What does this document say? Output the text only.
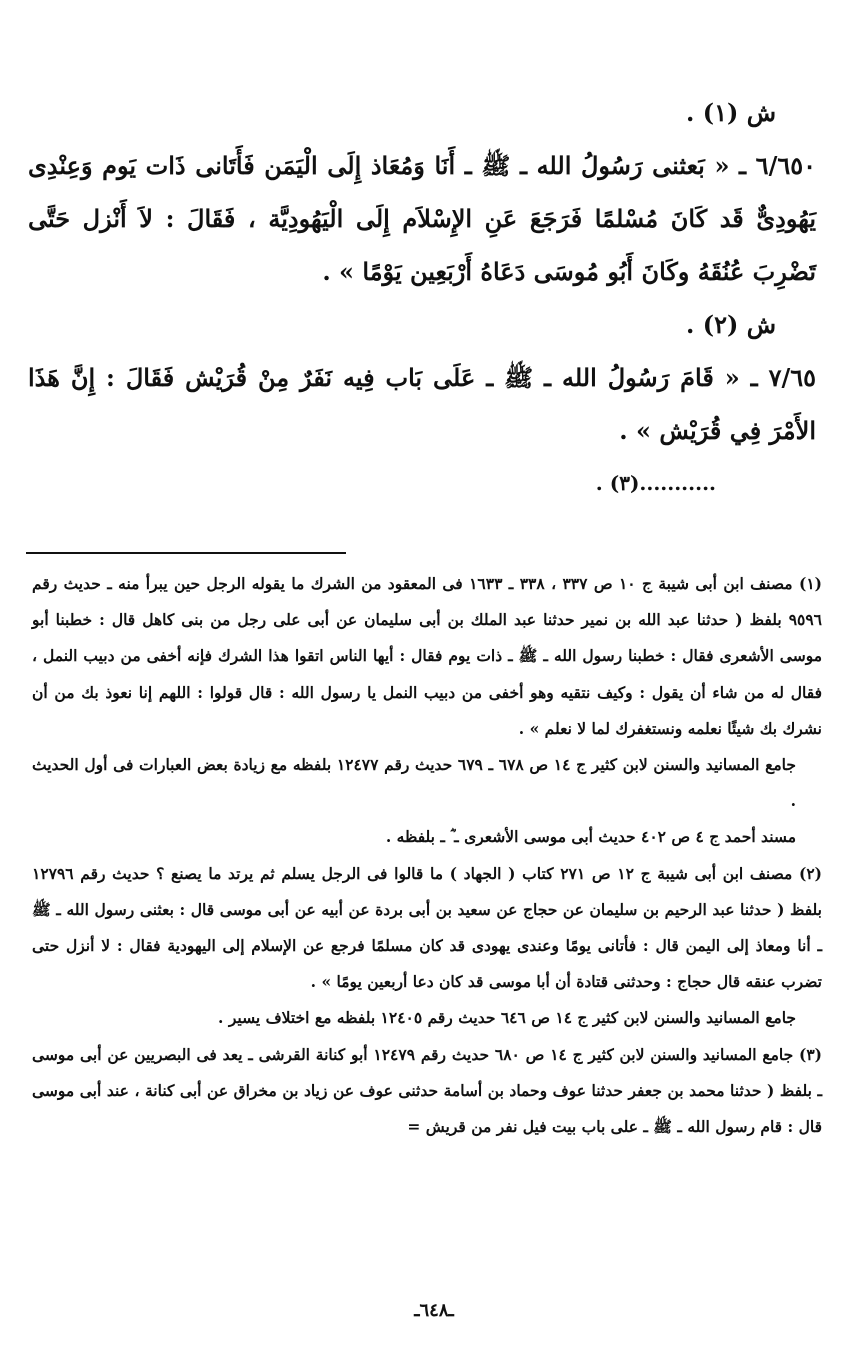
ش (١) .

٦/٦٥٠ ـ « بَعثنى رَسُولُ الله ـ ﷺ ـ أَنَا وَمُعَاذ إِلَى الْيَمَن فَأَتَانى ذَات يَوم وَعِنْدِى يَهُودِىٌّ قَد كَانَ مُسْلمًا فَرَجَعَ عَنِ الإِسْلاَم إِلَى الْيَهُودِيَّة ، فَقَالَ : لاَ أَنْزل حَتَّى تَضْرِبَ عُنُقَهُ وكَانَ أَبُو مُوسَى دَعَاهُ أَرْبَعِين يَوْمًا » .

ش (٢) .

٧/٦٥ ـ « قَامَ رَسُولُ الله ـ ﷺ ـ عَلَى بَاب فِيه نَفَرٌ مِنْ قُرَيْش فَقَالَ : إِنَّ هَذَا الأَمْرَ فِي قُرَيْش » .

...........(٣) .

(١) مصنف ابن أبى شيبة ج ١٠ ص ٣٣٧ ، ٣٣٨ ـ ١٦٣٣ فى المعقود من الشرك ما يقوله الرجل حين يبرأ منه ـ حديث رقم ٩٥٩٦ بلفظ ( حدثنا عبد الله بن نمير حدثنا عبد الملك بن أبى سليمان عن أبى على رجل من بنى كاهل قال : خطبنا أبو موسى الأشعرى فقال : خطبنا رسول الله ـ ﷺ ـ ذات يوم فقال : أيها الناس اتقوا هذا الشرك فإنه أخفى من دبيب النمل ، فقال له من شاء أن يقول : وكيف نتقيه وهو أخفى من دبيب النمل يا رسول الله : قال قولوا : اللهم إنا نعوذ بك من أن نشرك بك شيئًا نعلمه ونستغفرك لما لا نعلم » .

جامع المسانيد والسنن لابن كثير ج ١٤ ص ٦٧٨ ـ ٦٧٩ حديث رقم ١٢٤٧٧ بلفظه مع زيادة بعض العبارات فى أول الحديث .

مسند أحمد ج ٤ ص ٤٠٢ حديث أبى موسى الأشعرى ـ ؓ ـ بلفظه .

(٢) مصنف ابن أبى شيبة ج ١٢ ص ٢٧١ كتاب ( الجهاد ) ما قالوا فى الرجل يسلم ثم يرتد ما يصنع ؟ حديث رقم ١٢٧٩٦ بلفظ ( حدثنا عبد الرحيم بن سليمان عن حجاج عن سعيد بن أبى بردة عن أبيه عن أبى موسى قال : بعثنى رسول الله ـ ﷺ ـ أنا ومعاذ إلى اليمن قال : فأتانى يومًا وعندى يهودى قد كان مسلمًا فرجع عن الإسلام إلى اليهودية فقال : لا أنزل حتى تضرب عنقه قال حجاج : وحدثنى قتادة أن أبا موسى قد كان دعا أربعين يومًا » .

جامع المسانيد والسنن لابن كثير ج ١٤ ص ٦٤٦ حديث رقم ١٢٤٠٥ بلفظه مع اختلاف يسير .

(٣) جامع المسانيد والسنن لابن كثير ج ١٤ ص ٦٨٠ حديث رقم ١٢٤٧٩ أبو كنانة القرشى ـ يعد فى البصريين عن أبى موسى ـ بلفظ ( حدثنا محمد بن جعفر حدثنا عوف وحماد بن أسامة حدثنى عوف عن زياد بن مخراق عن أبى كنانة ، عند أبى موسى قال : قام رسول الله ـ ﷺ ـ على باب بيت فيل نفر من قريش =

ـ٦٤٨ـ
